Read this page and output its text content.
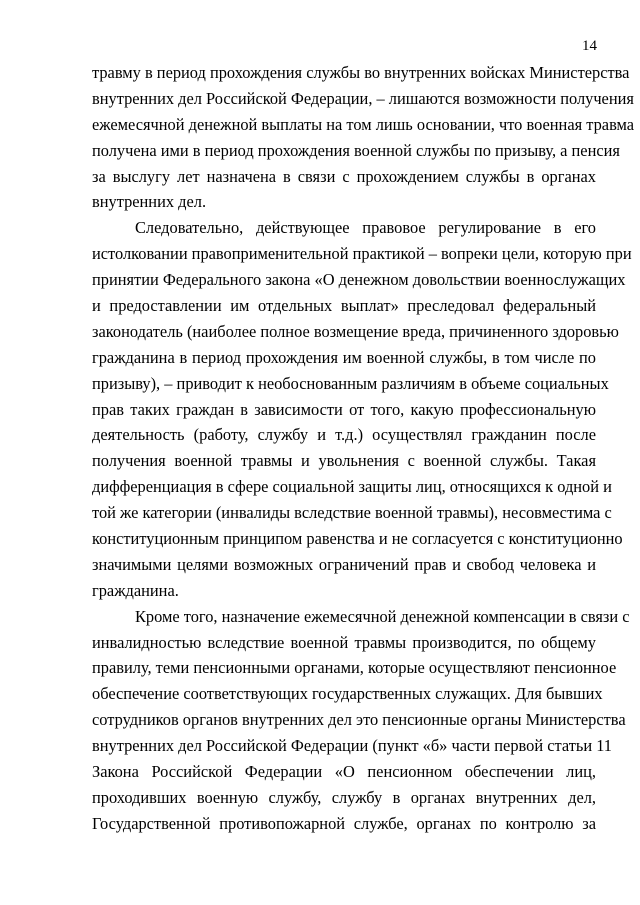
14
травму в период прохождения службы во внутренних войсках Министерства
внутренних дел Российской Федерации, – лишаются возможности получения
ежемесячной денежной выплаты на том лишь основании, что военная травма
получена ими в период прохождения военной службы по призыву, а пенсия
за выслугу лет назначена в связи с прохождением службы в органах
внутренних дел.
Следовательно, действующее правовое регулирование в его
истолковании правоприменительной практикой – вопреки цели, которую при
принятии Федерального закона «О денежном довольствии военнослужащих
и предоставлении им отдельных выплат» преследовал федеральный
законодатель (наиболее полное возмещение вреда, причиненного здоровью
гражданина в период прохождения им военной службы, в том числе по
призыву), – приводит к необоснованным различиям в объеме социальных
прав таких граждан в зависимости от того, какую профессиональную
деятельность (работу, службу и т.д.) осуществлял гражданин после
получения военной травмы и увольнения с военной службы. Такая
дифференциация в сфере социальной защиты лиц, относящихся к одной и
той же категории (инвалиды вследствие военной травмы), несовместима с
конституционным принципом равенства и не согласуется с конституционно
значимыми целями возможных ограничений прав и свобод человека и
гражданина.
Кроме того, назначение ежемесячной денежной компенсации в связи с
инвалидностью вследствие военной травмы производится, по общему
правилу, теми пенсионными органами, которые осуществляют пенсионное
обеспечение соответствующих государственных служащих. Для бывших
сотрудников органов внутренних дел это пенсионные органы Министерства
внутренних дел Российской Федерации (пункт «б» части первой статьи 11
Закона Российской Федерации «О пенсионном обеспечении лиц,
проходивших военную службу, службу в органах внутренних дел,
Государственной противопожарной службе, органах по контролю за
